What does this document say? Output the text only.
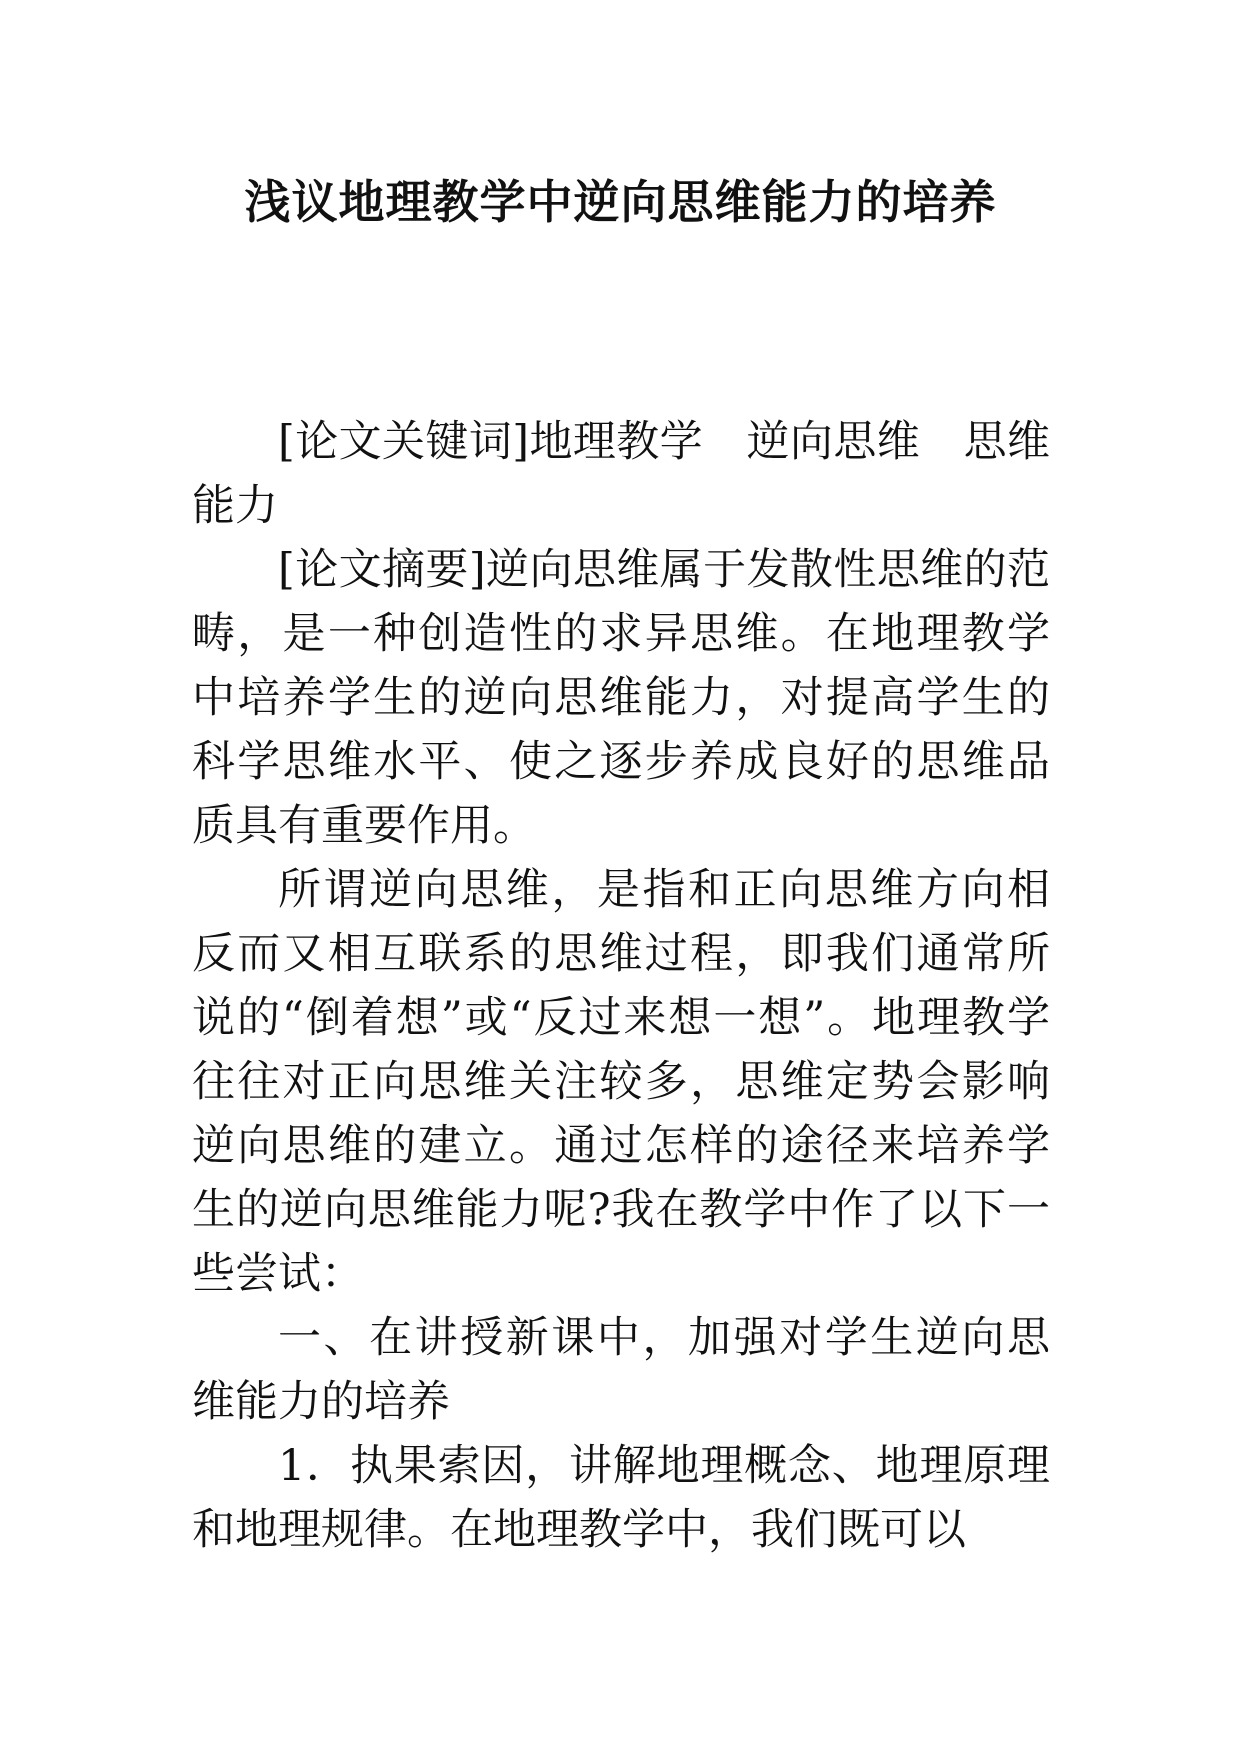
浅议地理教学中逆向思维能力的培养

[论文关键词]地理教学　逆向思维　思维能力

[论文摘要]逆向思维属于发散性思维的范畴，是一种创造性的求异思维。在地理教学中培养学生的逆向思维能力，对提高学生的科学思维水平、使之逐步养成良好的思维品质具有重要作用。

所谓逆向思维，是指和正向思维方向相反而又相互联系的思维过程，即我们通常所说的“倒着想”或“反过来想一想”。地理教学往往对正向思维关注较多，思维定势会影响逆向思维的建立。通过怎样的途径来培养学生的逆向思维能力呢?我在教学中作了以下一些尝试：

一、在讲授新课中，加强对学生逆向思维能力的培养

1．执果索因，讲解地理概念、地理原理和地理规律。在地理教学中，我们既可以
